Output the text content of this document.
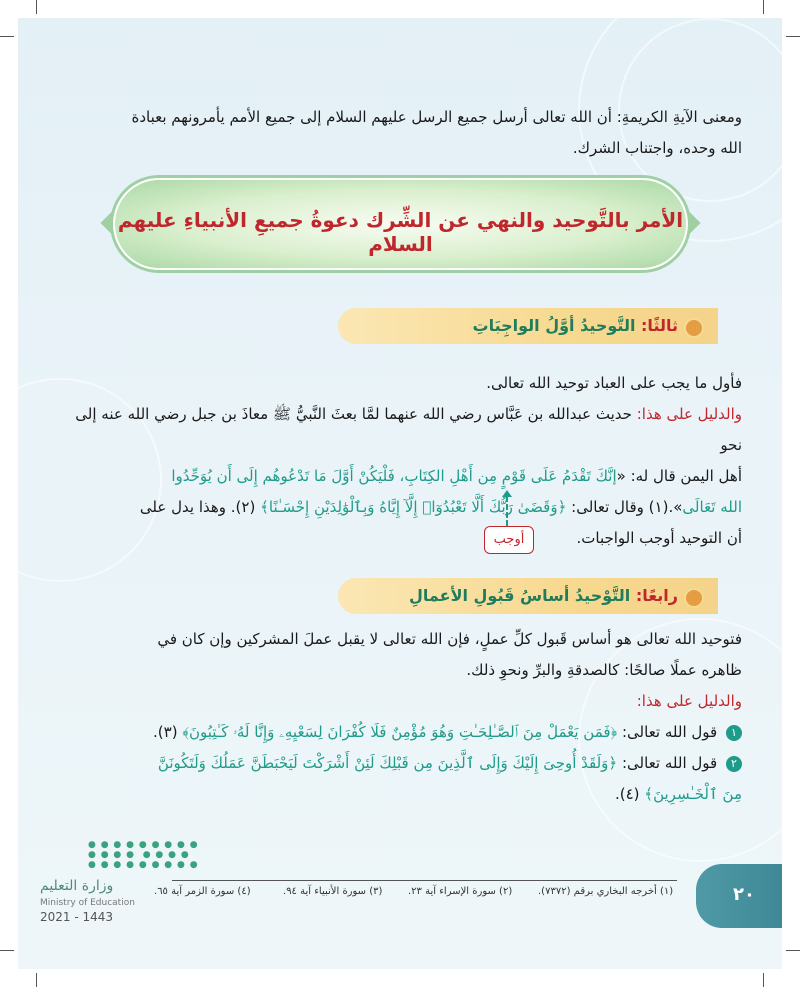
ومعنى الآيةِ الكريمةِ: أن الله تعالى أرسل جميع الرسل عليهم السلام إلى جميع الأمم يأمرونهم بعبادة
الله وحده، واجتناب الشرك.
الأمر بالتَّوحيد والنهي عن الشِّرك دعوةُ جميعِ الأنبياءِ عليهم السلام
ثالثًا: التَّوحيدُ أوَّلُ الواجِبَاتِ
فأول ما يجب على العباد توحيد الله تعالى.
والدليل على هذا: حديث عبدالله بن عَبَّاس رضي الله عنهما لمَّا بعثَ النَّبيُّ ﷺ معاذَ بن جبل رضي الله عنه إلى نحو
أهل اليمن قال له: «إنَّكَ تَقْدَمُ عَلَى قَوْمٍ مِن أَهْلِ الكِتَابِ، فَلْيَكُنْ أَوَّلَ مَا تَدْعُوهُم إِلَى أَن يُوَحِّدُوا
الله تَعَالَى».(١) وقال تعالى: ﴿وَقَضَىٰ رَبُّكَ أَلَّا تَعْبُدُوٓا۟ إِلَّآ إِيَّاهُ وَبِٱلْوَٰلِدَيْنِ إِحْسَـٰنًا﴾ (٢). وهذا يدل على
أن التوحيد أوجب الواجبات.
أوجب
رابعًا: التَّوْحيدُ أساسُ قَبُولِ الأعمالِ
فتوحيد الله تعالى هو أساس قَبول كلِّ عملٍ، فإن الله تعالى لا يقبل عملَ المشركين وإن كان في
ظاهره عملًا صالحًا: كالصدقةِ والبرِّ ونحوِ ذلك.
والدليل على هذا:
١ قول الله تعالى: ﴿فَمَن يَعْمَلْ مِنَ ٱلصَّـٰلِحَـٰتِ وَهُوَ مُؤْمِنٌ فَلَا كُفْرَانَ لِسَعْيِهِۦ وَإِنَّا لَهُۥ كَـٰتِبُونَ﴾ (٣).
٢ قول الله تعالى: ﴿وَلَقَدْ أُوحِىَ إِلَيْكَ وَإِلَى ٱلَّذِينَ مِن قَبْلِكَ لَئِنْ أَشْرَكْتَ لَيَحْبَطَنَّ عَمَلُكَ وَلَتَكُونَنَّ
مِنَ ٱلْخَـٰسِرِينَ﴾ (٤).
(١) أخرجه البخاري برقم (٧٣٧٢).
(٢) سورة الإسراء آية ٢٣.
(٣) سورة الأنبياء آية ٩٤.
(٤) سورة الزمر آية ٦٥.	٢٠
● ● ● ● ● ● ● ● ●
● ● ● ●  ● ● ● ●
● ● ● ● ● ● ● ● ●
وزارة التعليم
Ministry of Education
2021 - 1443
